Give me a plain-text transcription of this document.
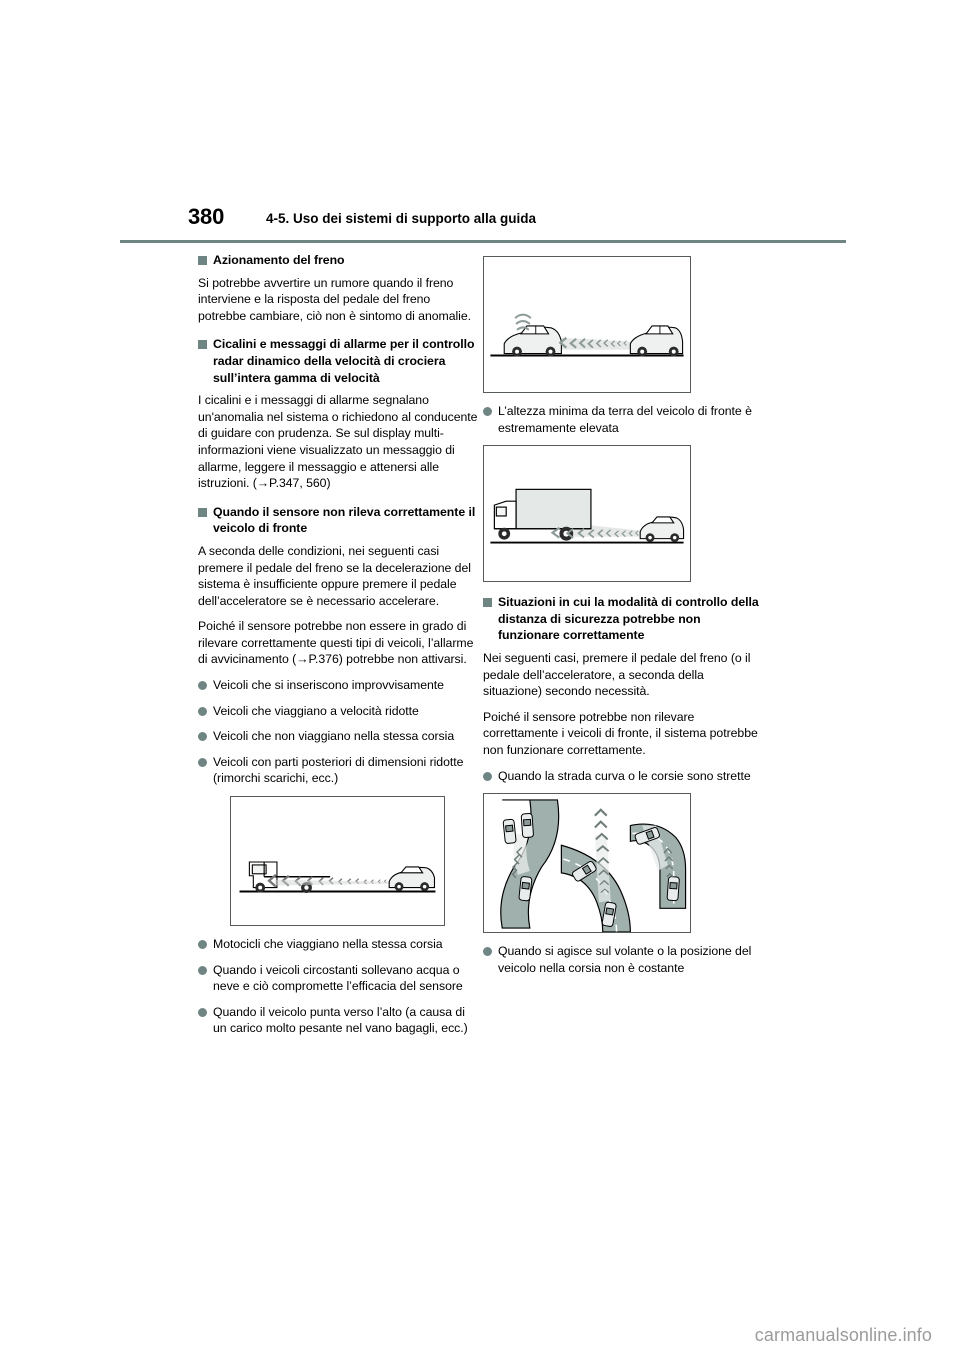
380	4-5. Uso dei sistemi di supporto alla guida
Azionamento del freno

Si potrebbe avvertire un rumore quando il freno interviene e la risposta del pedale del freno potrebbe cambiare, ciò non è sintomo di anomalie.

Cicalini e messaggi di allarme per il controllo radar dinamico della velocità di crociera sull’intera gamma di velocità

I cicalini e i messaggi di allarme segnalano un'anomalia nel sistema o richiedono al conducente di guidare con prudenza. Se sul display multi-informazioni viene visualizzato un messaggio di allarme, leggere il messaggio e attenersi alle istruzioni. (→P.347, 560)

Quando il sensore non rileva correttamente il veicolo di fronte

A seconda delle condizioni, nei seguenti casi premere il pedale del freno se la decelerazione del sistema è insufficiente oppure premere il pedale dell’acceleratore se è necessario accelerare.

Poiché il sensore potrebbe non essere in grado di rilevare correttamente questi tipi di veicoli, l’allarme di avvicinamento (→P.376) potrebbe non attivarsi.

Veicoli che si inseriscono improvvisamente
Veicoli che viaggiano a velocità ridotte
Veicoli che non viaggiano nella stessa corsia
Veicoli con parti posteriori di dimensioni ridotte (rimorchi scarichi, ecc.)
Motocicli che viaggiano nella stessa corsia
Quando i veicoli circostanti sollevano acqua o neve e ciò compromette l’efficacia del sensore
Quando il veicolo punta verso l’alto (a causa di un carico molto pesante nel vano bagagli, ecc.)
L’altezza minima da terra del veicolo di fronte è estremamente elevata
Situazioni in cui la modalità di controllo della distanza di sicurezza potrebbe non funzionare correttamente

Nei seguenti casi, premere il pedale del freno (o il pedale dell’acceleratore, a seconda della situazione) secondo necessità.

Poiché il sensore potrebbe non rilevare correttamente i veicoli di fronte, il sistema potrebbe non funzionare correttamente.

Quando la strada curva o le corsie sono strette
Quando si agisce sul volante o la posizione del veicolo nella corsia non è costante
carmanualsonline.info
